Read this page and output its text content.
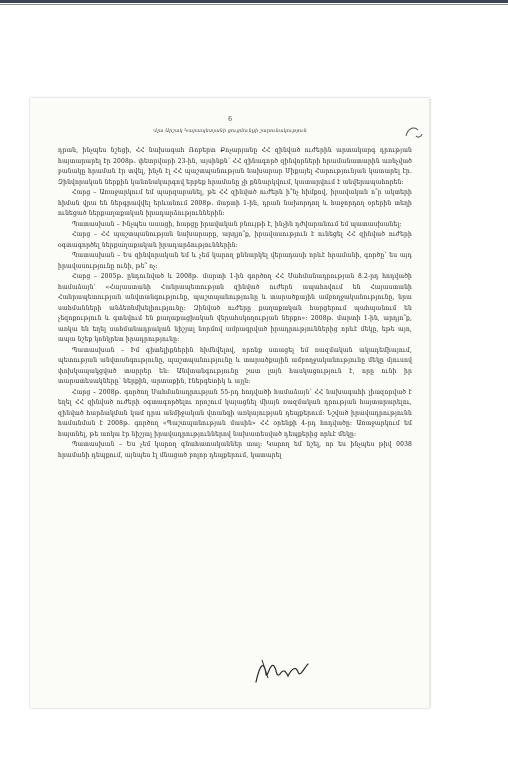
6
Վլա Արշակ Կարապետյանի ցուցմունքի շարունակություն

դրան, ինչպես նշեցի, ՀՀ նախագահ Ռոբերտ Քոչարյանը ՀՀ զինված ուժերին արտակարգ դրության հայտարարել էր 2008թ. փետրվարի 23-ին, այսինքն՝ ՀՀ զինագործ զինվորների հրամանատարին առնչված բանակը հրաման էր տվել, ինչն էլ ՀՀ պաշտպանության նախարար Միքայել Հարությունյան կատարել էր. Զինվորական ներքին կանոնակարգով երբեք հրամանը չի քննարկվում, կատարվում է անվերապահորեն:

Հարց – Առաջարկում եմ պարզաբանել, թե ՀՀ զինված ուժերն ի՞նչ հիմքով, իրավական ո՞ր ակտերի հիման վրա են ներգրավվել երևանում 2008թ. մարտի 1-ին, դրան նախորդող և հաջորդող օրերին տեղի ունեցած ներքաղաքական իրադարձություններին:

Պատասխան – Ինչպես ասացի, հարցը իրավական բնույթի է, ինչին դժվարանում եմ պատասխանել:

Հարց – ՀՀ պաշտպանության նախարարը, արդյո՞ք, իրավասություն է ունեցել ՀՀ զինված ուժերի օգտագործել ներքաղաքական իրադարձություններին:

Պատասխան – Ես զինվորական եմ և չեմ կարող քննարկել վերադասի որևէ հրամանի, գործը՝ ես այդ իրավասությունը ունի, թե՞ ոչ:

Հարց – 2005թ. ընդունված և 2008թ. մարտի 1-ին գործող ՀՀ Սահմանադրության 8.2-րդ հոդվածի համաձայն՝ «Հայաստանի Հանրապետության զինված ուժերն ապահովում են Հայաստանի Հանրապետության անվտանգությունը, պաշտպանությունը և տարածքային ամբողջականությունը, նրա սահմանների անձեռնմխելիությունը: Զինված ուժերը քաղաքական հարցերում պահպանում են չեզոքություն և գտնվում են քաղաքացիական վերահսկողության ներքո»: 2008թ. մարտի 1-ին, արդյո՞ք, առկա են եղել սահմանադրական նիշյալ նորմով ամրագրված իրադրություններից որևէ մեկը, եթե այո, ապա նշեք կոնկրետ իրադրությունը:

Պատասխան – Իմ գիտելիքներին հիմնվելով, որոնք ստացել եմ ռազմական ակադեմիայում, պետության անվտանգությունը, պաշտպանությունը և տարածքային ամբողջականությունը մեկը մյուսով փոխկապակցված տարրեր են: Անվտանգությունը շատ լայն հասկացություն է, որը ունի իր տարատեսակները՝ ներքին, արտաքին, էներգետիկ և այլն:

Հարց – 2008թ. գործող Սահմանադրության 55-րդ հոդվածի համաձայն՝ ՀՀ նախագահի լիազորված է եղել ՀՀ զինված ուժերի օգտագործելու որոշում կայացնել միայն ռազմական դրության հայտարարելու, զինված հարձակման կամ դրա անմիջական վտանգի առկայության դեպքերում: Նշված իրավադրությունն համանման է 2008թ. գործող «Պաշտպանության մասին» ՀՀ օրենքի 4-րդ հոդվածը: Առաջարկում եմ հայտնել, թե առկա էր նիշյալ իրավադրություններով նախատեսված դեպքերից որևէ մեկը:

Պատասխան – Ես չեմ կարող գնահատականներ տալ: Կարող եմ նշել, որ ես ինչպես թիվ 0038 հրամանի դեպքում, այնպես էլ մնացած բոլոր դեպքերում, կատարել
